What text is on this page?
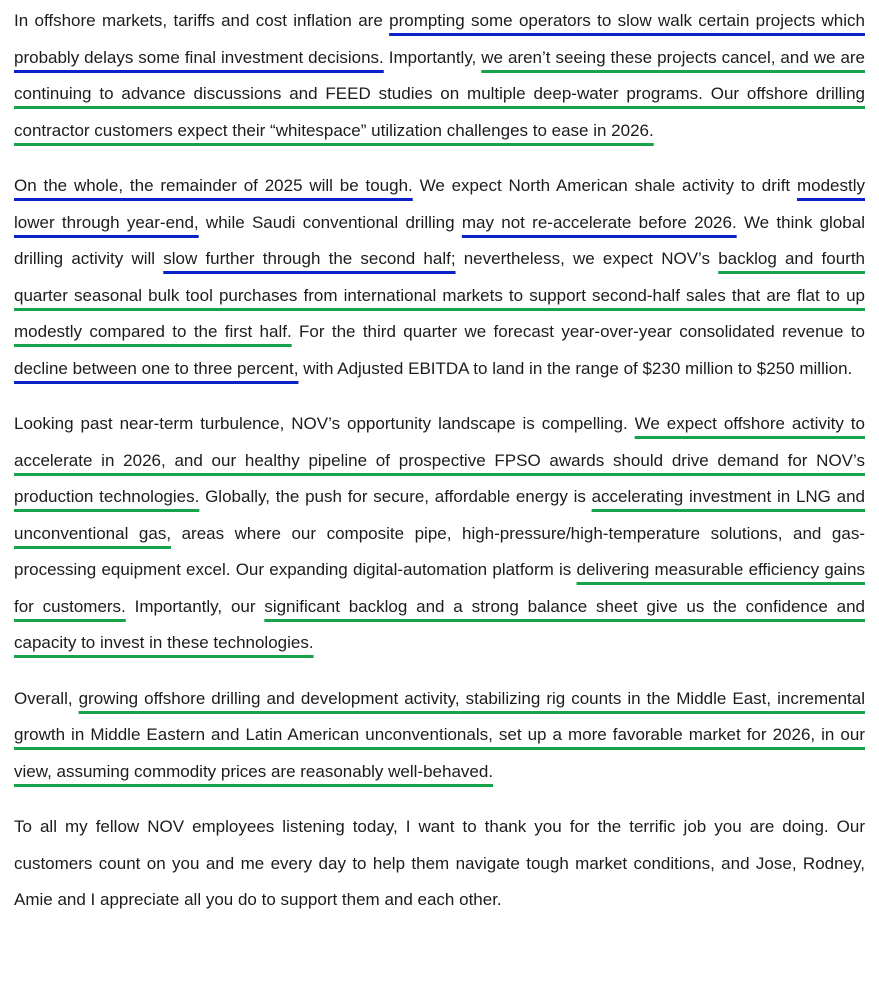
In offshore markets, tariffs and cost inflation are prompting some operators to slow walk certain projects which probably delays some final investment decisions. Importantly, we aren’t seeing these projects cancel, and we are continuing to advance discussions and FEED studies on multiple deep-water programs. Our offshore drilling contractor customers expect their “whitespace” utilization challenges to ease in 2026.

On the whole, the remainder of 2025 will be tough. We expect North American shale activity to drift modestly lower through year-end, while Saudi conventional drilling may not re-accelerate before 2026. We think global drilling activity will slow further through the second half; nevertheless, we expect NOV’s backlog and fourth quarter seasonal bulk tool purchases from international markets to support second-half sales that are flat to up modestly compared to the first half. For the third quarter we forecast year-over-year consolidated revenue to decline between one to three percent, with Adjusted EBITDA to land in the range of $230 million to $250 million.

Looking past near-term turbulence, NOV’s opportunity landscape is compelling. We expect offshore activity to accelerate in 2026, and our healthy pipeline of prospective FPSO awards should drive demand for NOV’s production technologies. Globally, the push for secure, affordable energy is accelerating investment in LNG and unconventional gas, areas where our composite pipe, high-pressure/high-temperature solutions, and gas-processing equipment excel. Our expanding digital-automation platform is delivering measurable efficiency gains for customers. Importantly, our significant backlog and a strong balance sheet give us the confidence and capacity to invest in these technologies.

Overall, growing offshore drilling and development activity, stabilizing rig counts in the Middle East, incremental growth in Middle Eastern and Latin American unconventionals, set up a more favorable market for 2026, in our view, assuming commodity prices are reasonably well-behaved.

To all my fellow NOV employees listening today, I want to thank you for the terrific job you are doing. Our customers count on you and me every day to help them navigate tough market conditions, and Jose, Rodney, Amie and I appreciate all you do to support them and each other.
